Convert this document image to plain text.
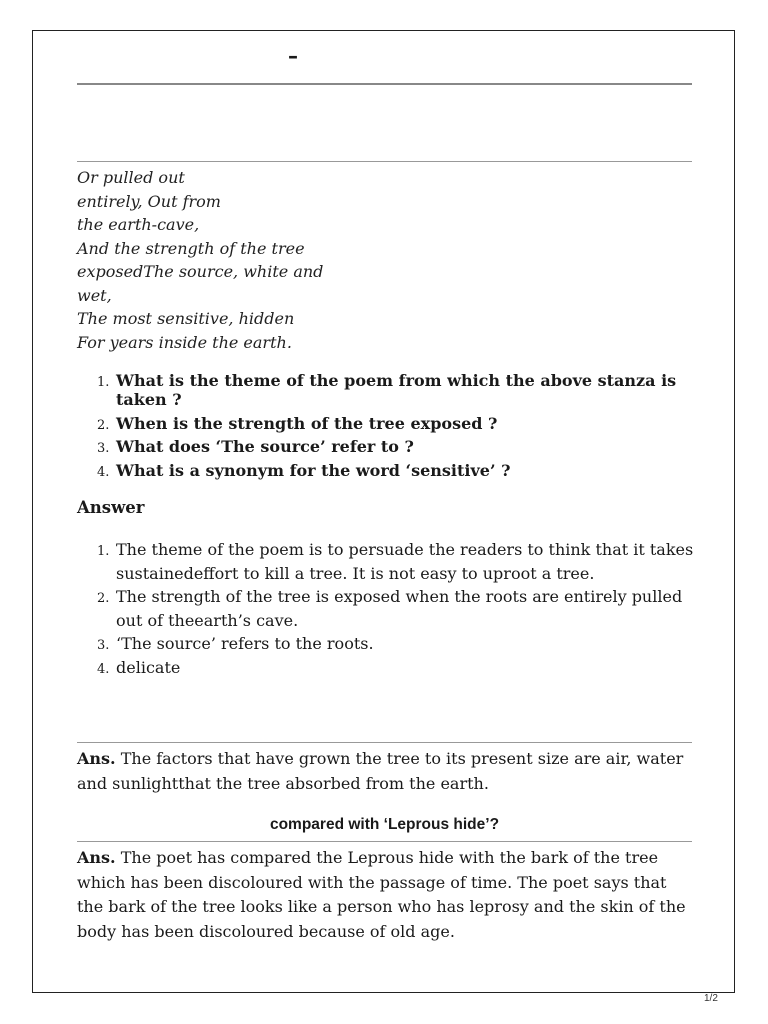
–
Or pulled out
entirely, Out from
the earth-cave,
And the strength of the tree
exposedThe source, white and
wet,
The most sensitive, hidden
For years inside the earth.
1. What is the theme of the poem from which the above stanza is taken ?
2. When is the strength of the tree exposed ?
3. What does ‘The source’ refer to ?
4. What is a synonym for the word ‘sensitive’ ?
Answer
1. The theme of the poem is to persuade the readers to think that it takes sustainedeffort to kill a tree. It is not easy to uproot a tree.
2. The strength of the tree is exposed when the roots are entirely pulled out of theearth’s cave.
3. ‘The source’ refers to the roots.
4. delicate
Ans. The factors that have grown the tree to its present size are air, water and sunlightthat the tree absorbed from the earth.
compared with ‘Leprous hide’?
Ans. The poet has compared the Leprous hide with the bark of the tree which has been discoloured with the passage of time. The poet says that the bark of the tree looks like a person who has leprosy and the skin of the body has been discoloured because of old age.
1/2
